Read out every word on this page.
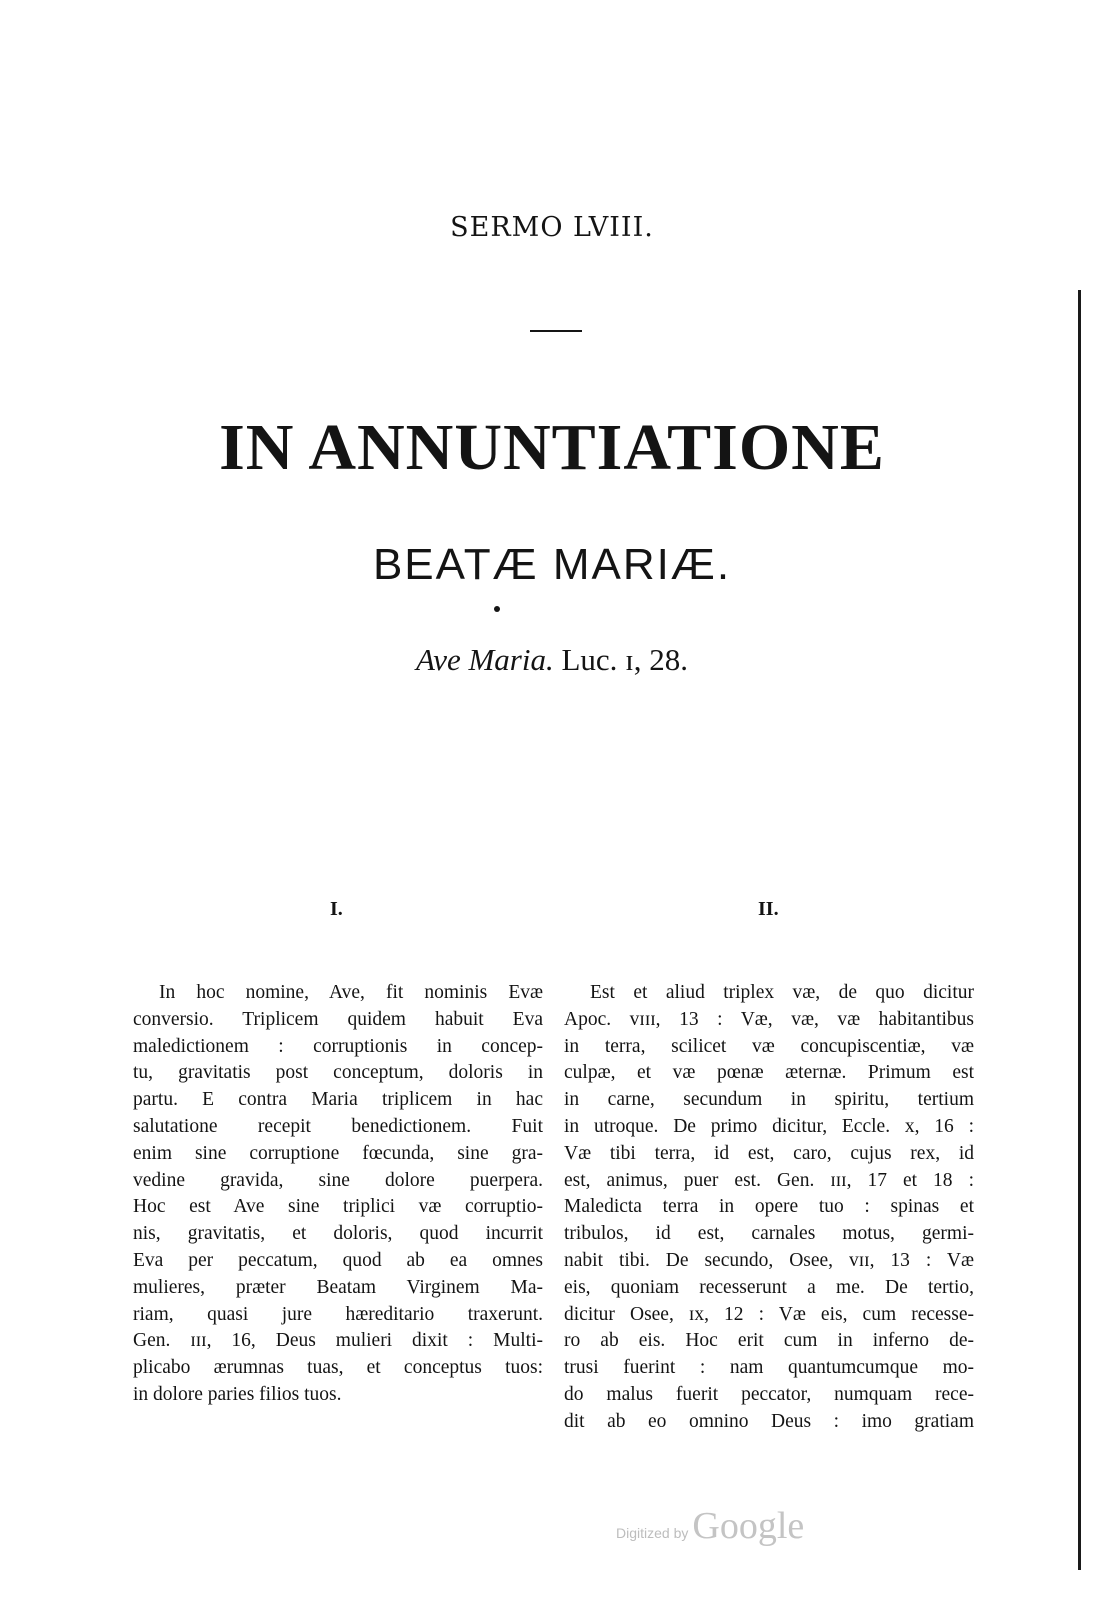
SERMO LVIII.
IN ANNUNTIATIONE
BEATÆ MARIÆ.
Ave Maria. Luc. ɪ, 28.
I.	II.
In hoc nomine, Ave, fit nominis Evæ
conversio. Triplicem quidem habuit Eva
maledictionem : corruptionis in concep-
tu, gravitatis post conceptum, doloris in
partu. E contra Maria triplicem in hac
salutatione recepit benedictionem. Fuit
enim sine corruptione fœcunda, sine gra-
vedine gravida, sine dolore puerpera.
Hoc est Ave sine triplici væ corruptio-
nis, gravitatis, et doloris, quod incurrit
Eva per peccatum, quod ab ea omnes
mulieres, præter Beatam Virginem Ma-
riam, quasi jure hæreditario traxerunt.
Gen. ɪɪɪ, 16, Deus mulieri dixit : Multi-
plicabo ærumnas tuas, et conceptus tuos:
in dolore paries filios tuos.
Est et aliud triplex væ, de quo dicitur
Apoc. ᴠɪɪɪ, 13 : Væ, væ, væ habitantibus
in terra, scilicet væ concupiscentiæ, væ
culpæ, et væ pœnæ æternæ. Primum est
in carne, secundum in spiritu, tertium
in utroque. De primo dicitur, Eccle. x, 16 :
Væ tibi terra, id est, caro, cujus rex, id
est, animus, puer est. Gen. ɪɪɪ, 17 et 18 :
Maledicta terra in opere tuo : spinas et
tribulos, id est, carnales motus, germi-
nabit tibi. De secundo, Osee, ᴠɪɪ, 13 : Væ
eis, quoniam recesserunt a me. De tertio,
dicitur Osee, ɪx, 12 : Væ eis, cum recesse-
ro ab eis. Hoc erit cum in inferno de-
trusi fuerint : nam quantumcumque mo-
do malus fuerit peccator, numquam rece-
dit ab eo omnino Deus : imo gratiam
Digitized by Google
